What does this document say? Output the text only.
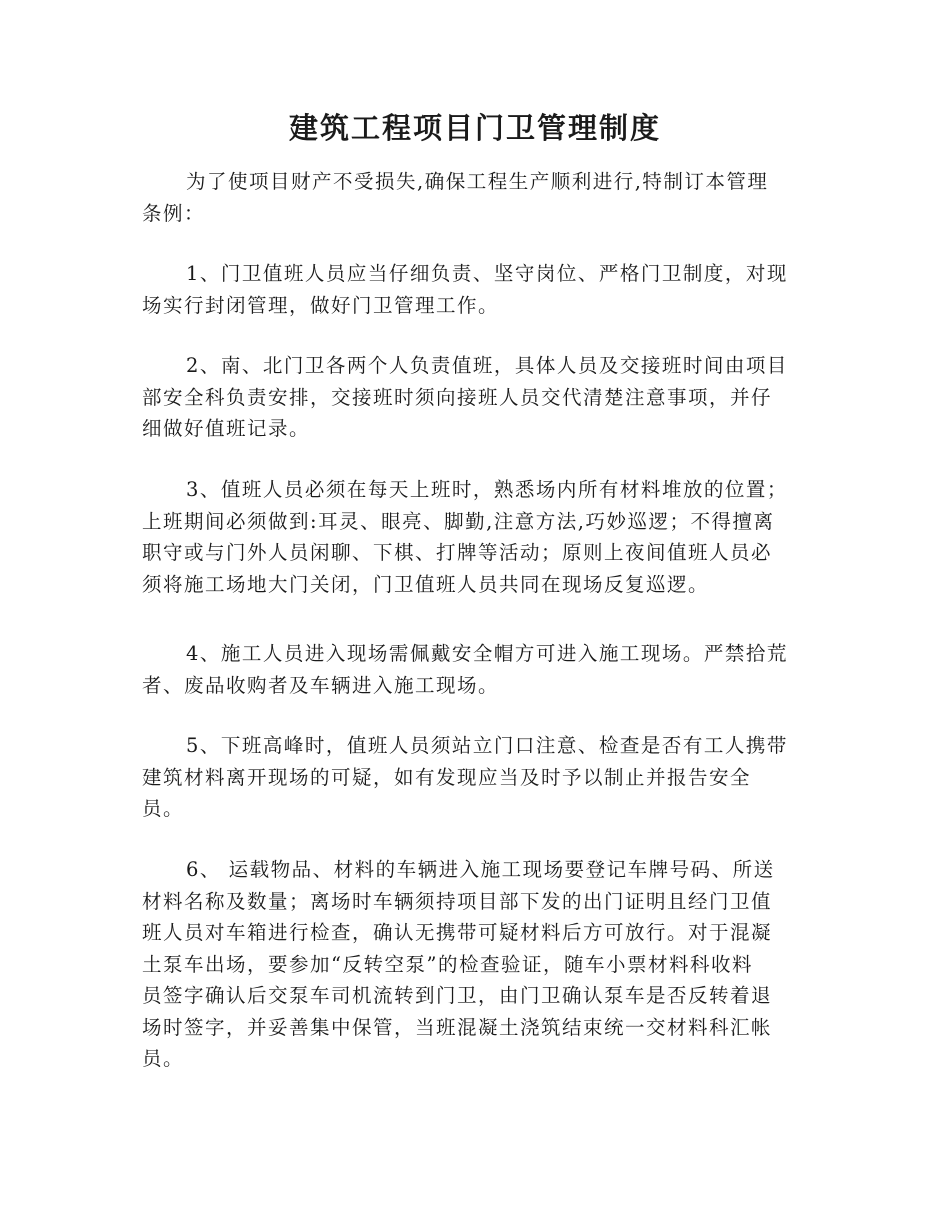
建筑工程项目门卫管理制度

为了使项目财产不受损失,确保工程生产顺利进行,特制订本管理
条例：

1、门卫值班人员应当仔细负责、坚守岗位、严格门卫制度，对现
场实行封闭管理，做好门卫管理工作。

2、南、北门卫各两个人负责值班，具体人员及交接班时间由项目
部安全科负责安排，交接班时须向接班人员交代清楚注意事项，并仔
细做好值班记录。

3、值班人员必须在每天上班时，熟悉场内所有材料堆放的位置；
上班期间必须做到:耳灵、眼亮、脚勤,注意方法,巧妙巡逻；不得擅离
职守或与门外人员闲聊、下棋、打牌等活动；原则上夜间值班人员必
须将施工场地大门关闭，门卫值班人员共同在现场反复巡逻。

4、施工人员进入现场需佩戴安全帽方可进入施工现场。严禁拾荒
者、废品收购者及车辆进入施工现场。

5、下班高峰时，值班人员须站立门口注意、检查是否有工人携带
建筑材料离开现场的可疑，如有发现应当及时予以制止并报告安全
员。

6、 运载物品、材料的车辆进入施工现场要登记车牌号码、所送
材料名称及数量；离场时车辆须持项目部下发的出门证明且经门卫值
班人员对车箱进行检查，确认无携带可疑材料后方可放行。对于混凝
土泵车出场，要参加“反转空泵”的检查验证，随车小票材料科收料
员签字确认后交泵车司机流转到门卫，由门卫确认泵车是否反转着退
场时签字，并妥善集中保管，当班混凝土浇筑结束统一交材料科汇帐
员。
